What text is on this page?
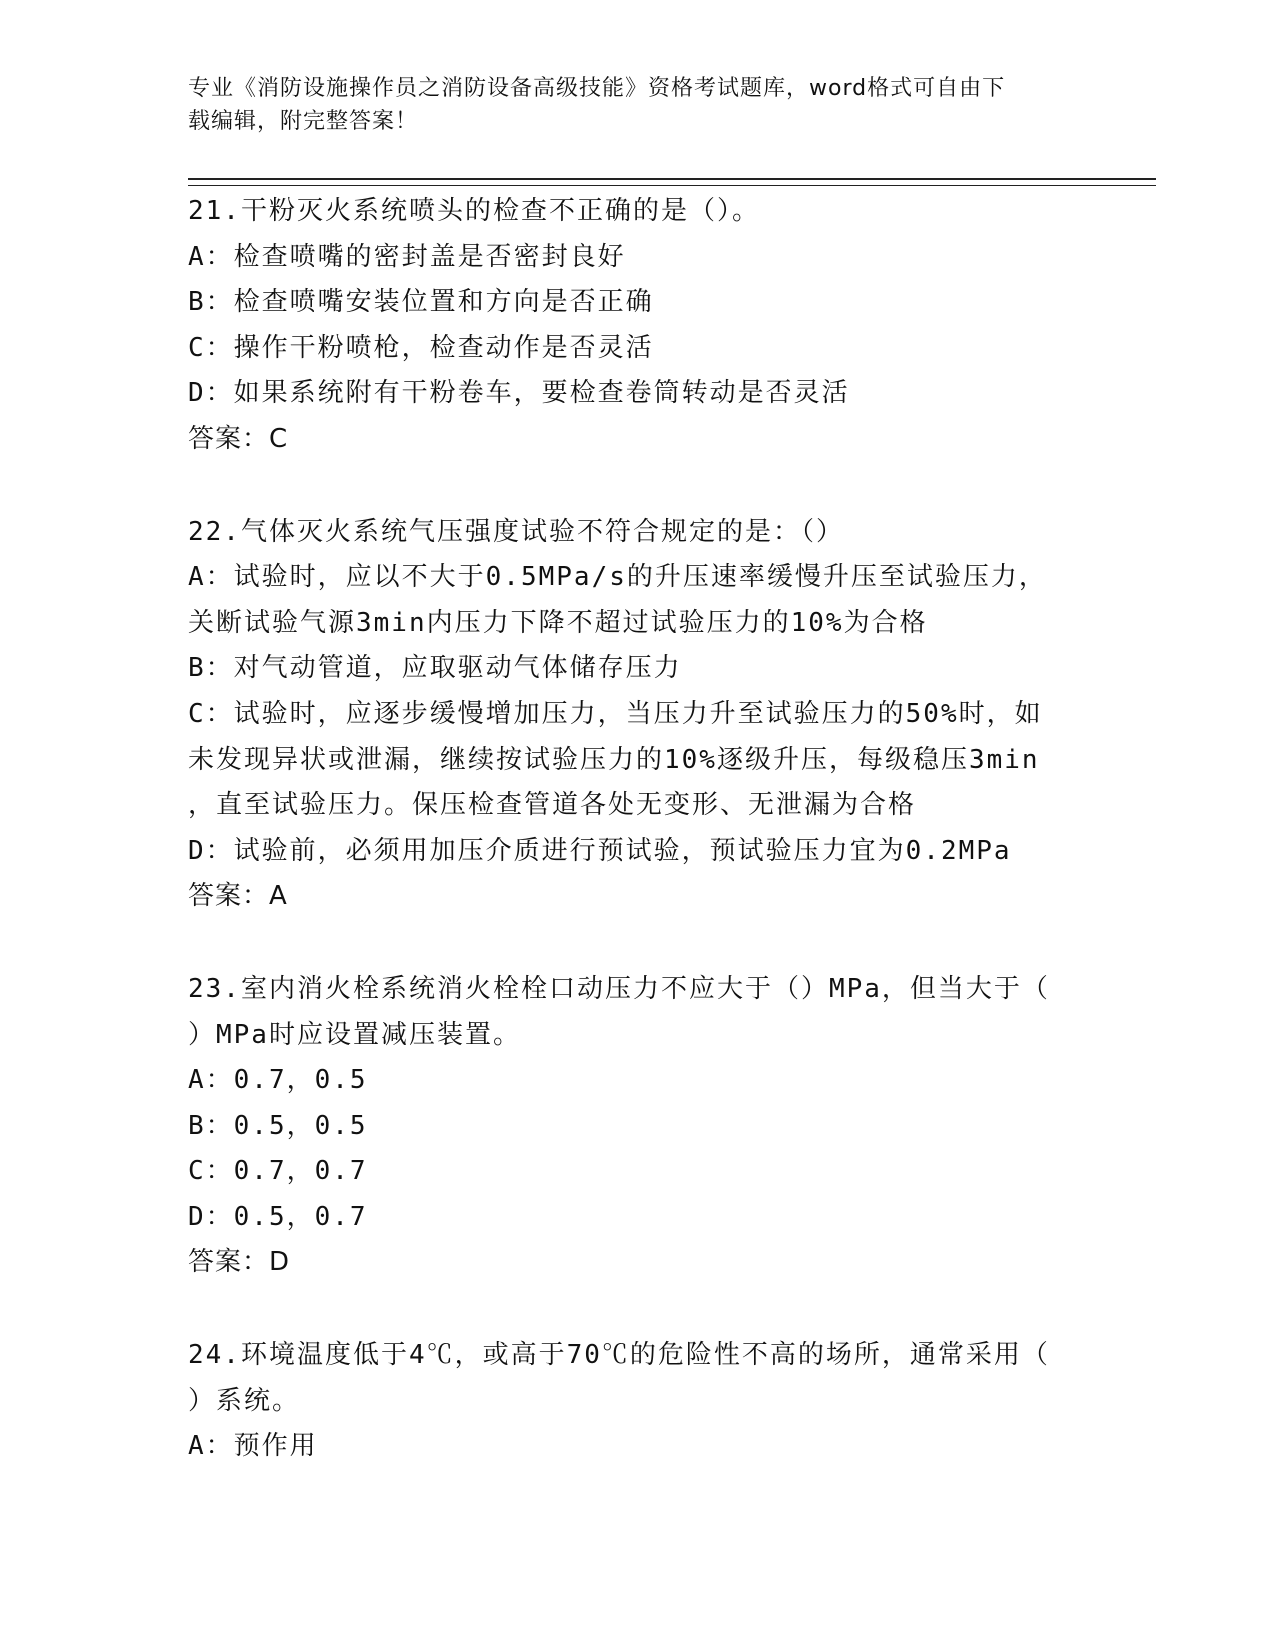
专业《消防设施操作员之消防设备高级技能》资格考试题库，word格式可自由下

载编辑，附完整答案！

21.干粉灭火系统喷头的检查不正确的是（）。

A：检查喷嘴的密封盖是否密封良好

B：检查喷嘴安装位置和方向是否正确

C：操作干粉喷枪，检查动作是否灵活

D：如果系统附有干粉卷车，要检查卷筒转动是否灵活

答案：C

22.气体灭火系统气压强度试验不符合规定的是：（）

A：试验时，应以不大于0.5MPa/s的升压速率缓慢升压至试验压力，

关断试验气源3min内压力下降不超过试验压力的10%为合格

B：对气动管道，应取驱动气体储存压力

C：试验时，应逐步缓慢增加压力，当压力升至试验压力的50%时，如

未发现异状或泄漏，继续按试验压力的10%逐级升压，每级稳压3min

，直至试验压力。保压检查管道各处无变形、无泄漏为合格

D：试验前，必须用加压介质进行预试验，预试验压力宜为0.2MPa

答案：A

23.室内消火栓系统消火栓栓口动压力不应大于（）MPa，但当大于（

）MPa时应设置减压装置。

A：0.7，0.5

B：0.5，0.5

C：0.7，0.7

D：0.5，0.7

答案：D

24.环境温度低于4℃，或高于70℃的危险性不高的场所，通常采用（

）系统。

A：预作用
